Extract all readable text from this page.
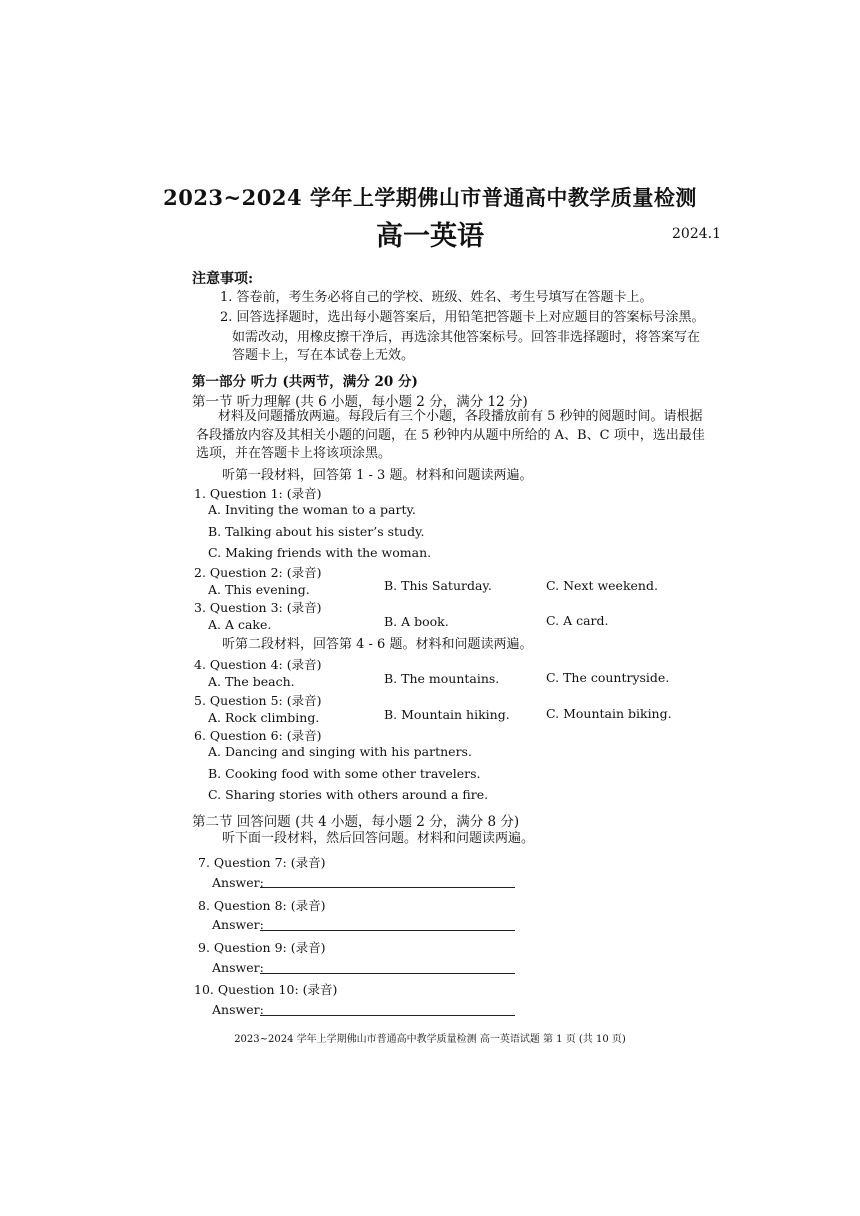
2023~2024 学年上学期佛山市普通高中教学质量检测
高一英语	2024.1
注意事项:
1. 答卷前，考生务必将自己的学校、班级、姓名、考生号填写在答题卡上。
2. 回答选择题时，选出每小题答案后，用铅笔把答题卡上对应题目的答案标号涂黑。
如需改动，用橡皮擦干净后，再选涂其他答案标号。回答非选择题时，将答案写在
答题卡上，写在本试卷上无效。
第一部分 听力 (共两节，满分 20 分)
第一节 听力理解 (共 6 小题，每小题 2 分，满分 12 分)
材料及问题播放两遍。每段后有三个小题，各段播放前有 5 秒钟的阅题时间。请根据
各段播放内容及其相关小题的问题，在 5 秒钟内从题中所给的 A、B、C 项中，选出最佳
选项，并在答题卡上将该项涂黑。
听第一段材料，回答第 1 - 3 题。材料和问题读两遍。
1. Question 1: (录音)
A. Inviting the woman to a party.
B. Talking about his sister’s study.
C. Making friends with the woman.
2. Question 2: (录音)
A. This evening.	B. This Saturday.	C. Next weekend.
3. Question 3: (录音)
A. A cake.	B. A book.	C. A card.
听第二段材料，回答第 4 - 6 题。材料和问题读两遍。
4. Question 4: (录音)
A. The beach.	B. The mountains.	C. The countryside.
5. Question 5: (录音)
A. Rock climbing.	B. Mountain hiking.	C. Mountain biking.
6. Question 6: (录音)
A. Dancing and singing with his partners.
B. Cooking food with some other travelers.
C. Sharing stories with others around a fire.
第二节 回答问题 (共 4 小题，每小题 2 分，满分 8 分)
听下面一段材料，然后回答问题。材料和问题读两遍。
7. Question 7: (录音)
Answer:
8. Question 8: (录音)
Answer:
9. Question 9: (录音)
Answer:
10. Question 10: (录音)
Answer:
2023~2024 学年上学期佛山市普通高中教学质量检测 高一英语试题 第 1 页 (共 10 页)
